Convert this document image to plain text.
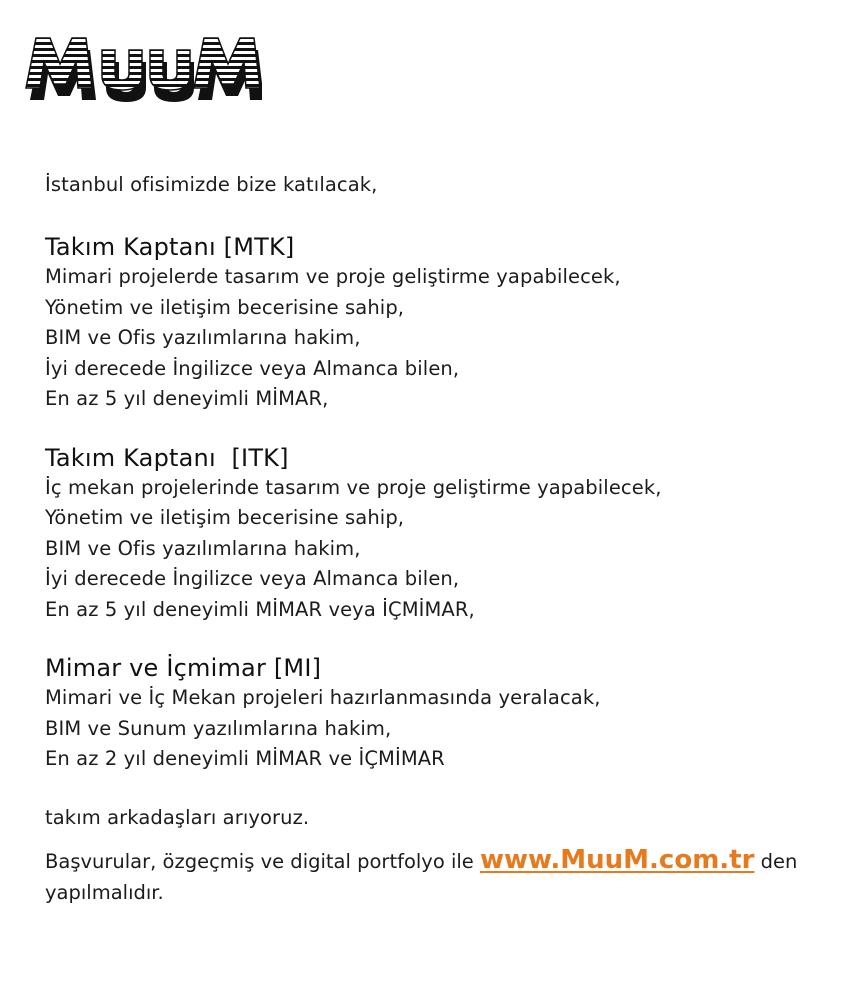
İstanbul ofisimizde bize katılacak,

Takım Kaptanı [MTK]

Mimari projelerde tasarım ve proje geliştirme yapabilecek,

Yönetim ve iletişim becerisine sahip,

BIM ve Ofis yazılımlarına hakim,

İyi derecede İngilizce veya Almanca bilen,

En az 5 yıl deneyimli MİMAR,

Takım Kaptanı  [ITK]

İç mekan projelerinde tasarım ve proje geliştirme yapabilecek,

Yönetim ve iletişim becerisine sahip,

BIM ve Ofis yazılımlarına hakim,

İyi derecede İngilizce veya Almanca bilen,

En az 5 yıl deneyimli MİMAR veya İÇMİMAR,

Mimar ve İçmimar [MI]

Mimari ve İç Mekan projeleri hazırlanmasında yeralacak,

BIM ve Sunum yazılımlarına hakim,

En az 2 yıl deneyimli MİMAR ve İÇMİMAR

takım arkadaşları arıyoruz.

Başvurular, özgeçmiş ve digital portfolyo ile www.MuuM.com.tr den yapılmalıdır.
